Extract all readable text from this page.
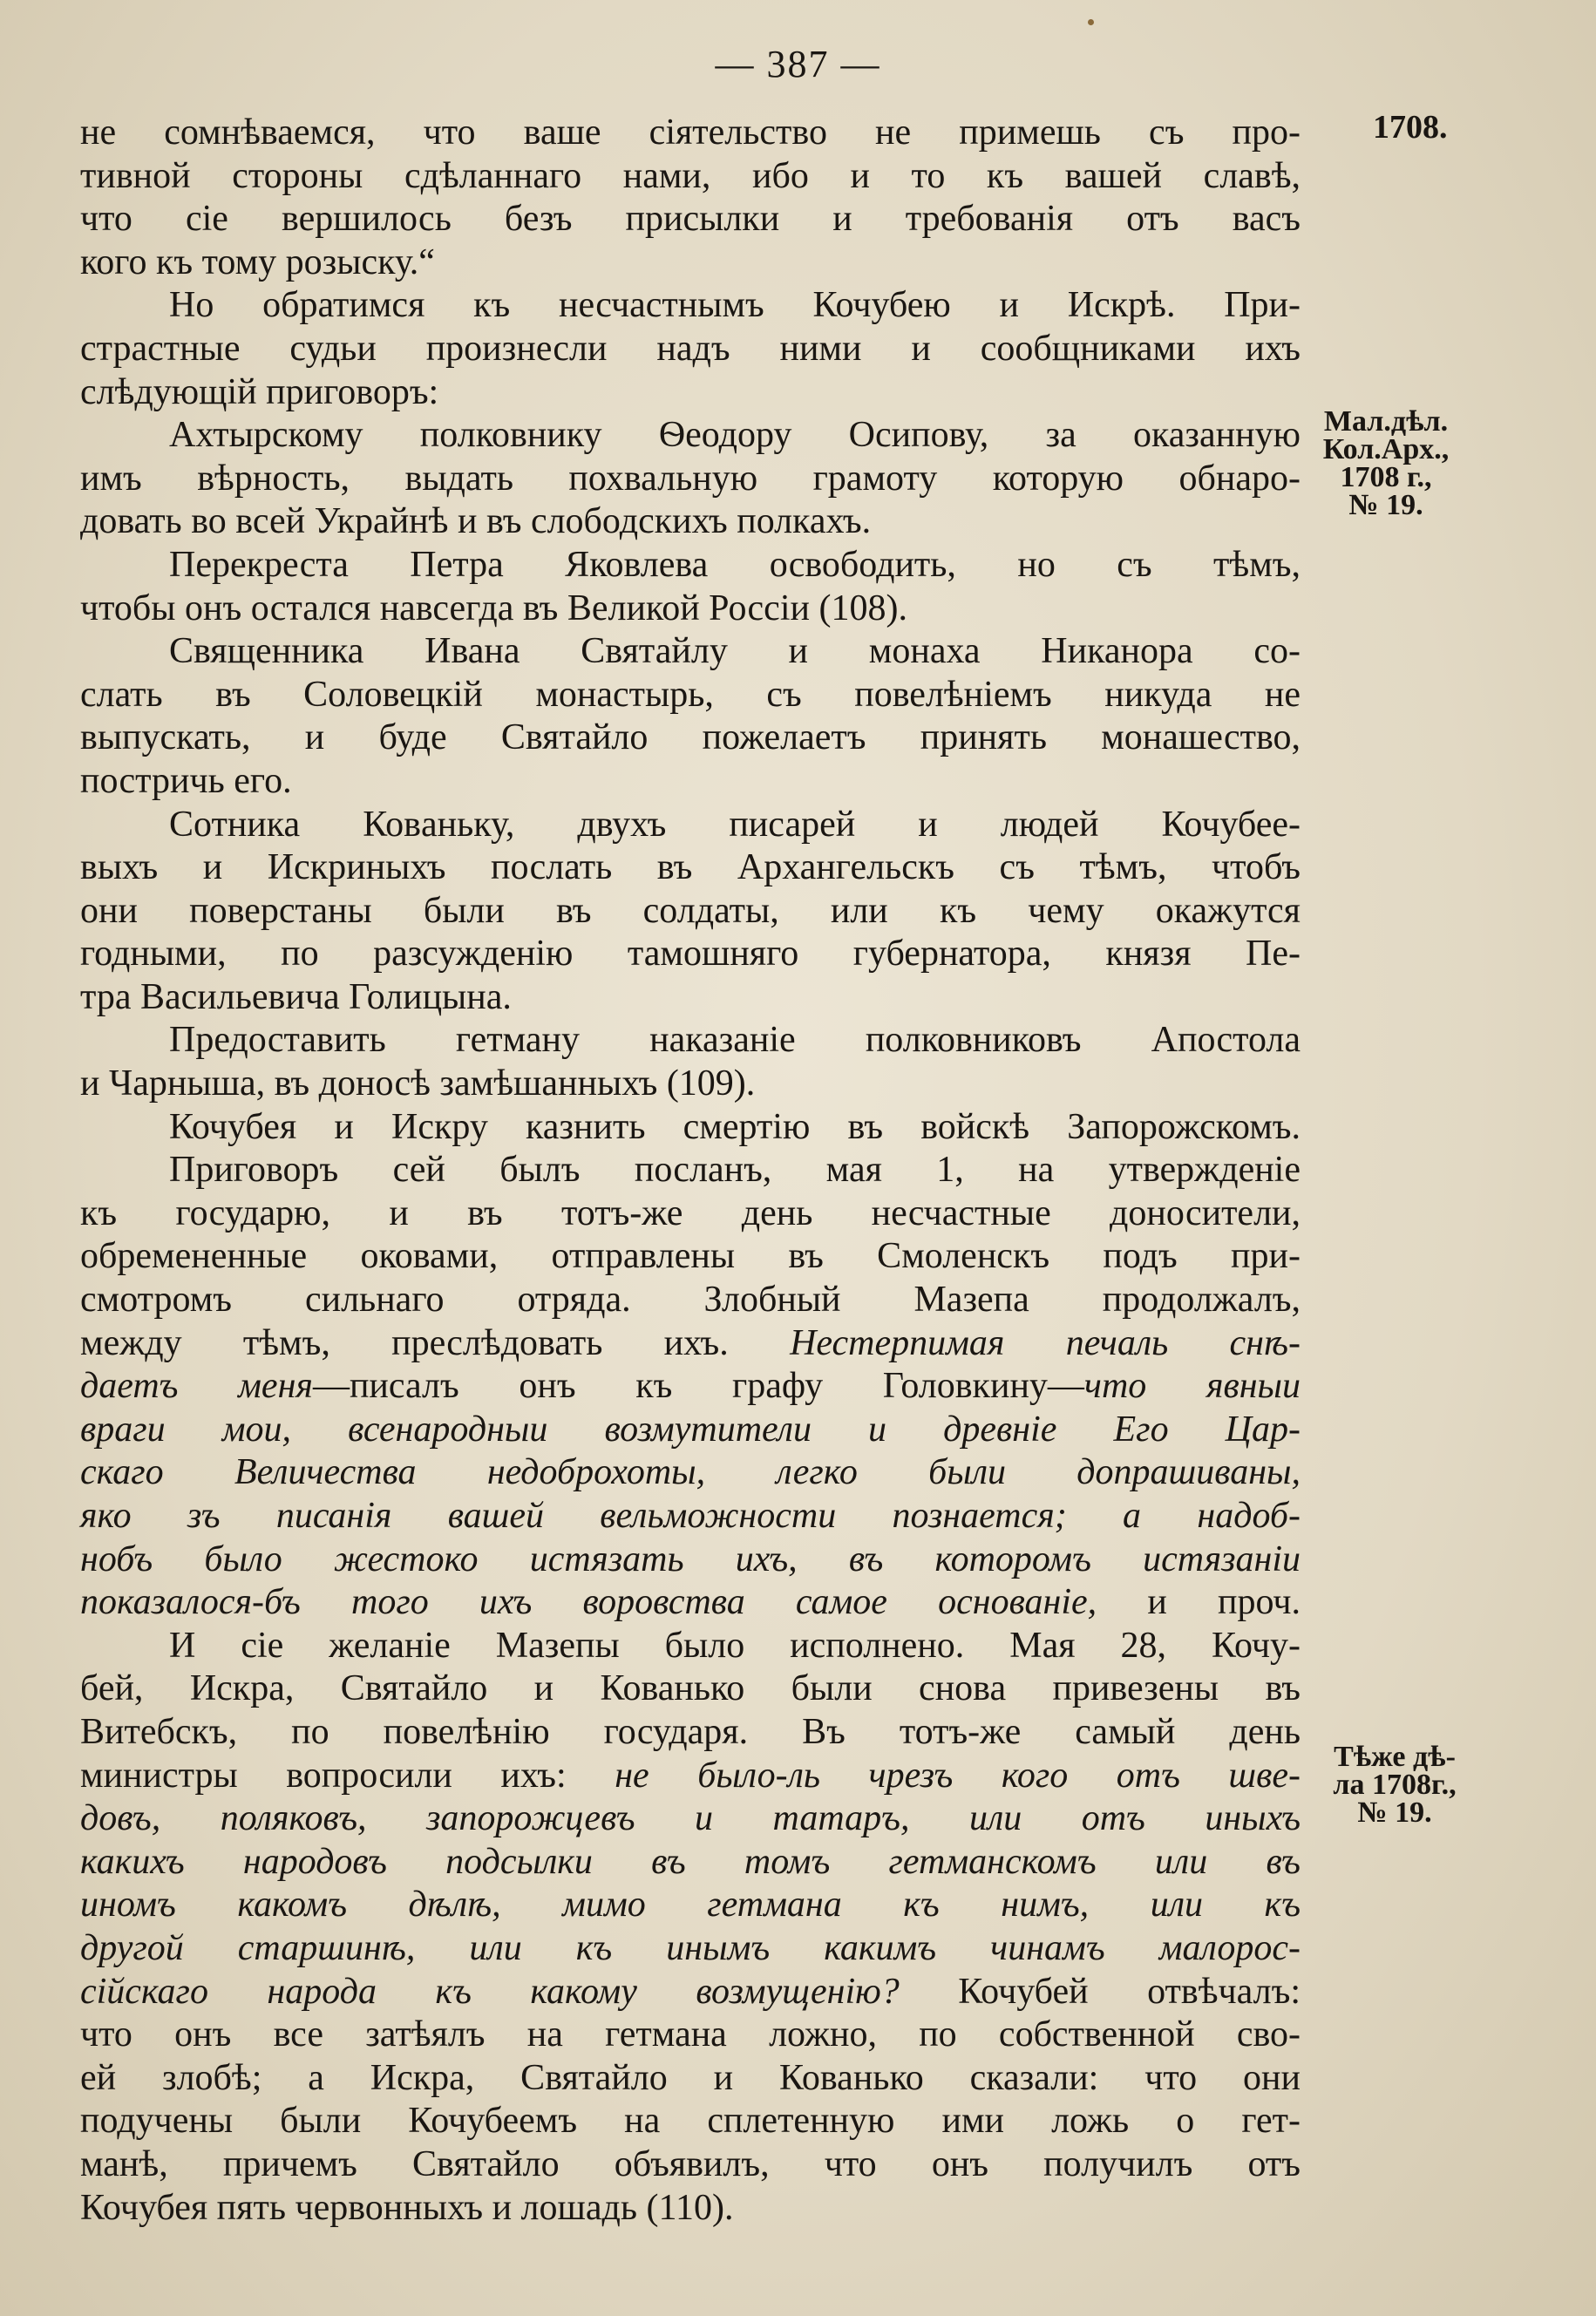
— 387 —
1708.
Мал.дѣл.
Кол.Арх.,
1708 г.,
№ 19.
Тѣже дѣ-
ла 1708г.,
№ 19.
не сомнѣваемся, что ваше сіятельство не примешь съ про-
тивной стороны сдѣланнаго нами, ибо и то къ вашей славѣ,
что сіе вершилось безъ присылки и требованія отъ васъ
кого къ тому розыску.“
Но обратимся къ несчастнымъ Кочубею и Искрѣ. При-
страстные судьи произнесли надъ ними и сообщниками ихъ
слѣдующій приговоръ:
Ахтырскому полковнику Ѳеодору Осипову, за оказанную
имъ вѣрность, выдать похвальную грамоту которую обнаро-
довать во всей Украйнѣ и въ слободскихъ полкахъ.
Перекреста Петра Яковлева освободить, но съ тѣмъ,
чтобы онъ остался навсегда въ Великой Россіи (108).
Священника Ивана Святайлу и монаха Никанора со-
слать въ Соловецкій монастырь, съ повелѣніемъ никуда не
выпускать, и буде Святайло пожелаетъ принять монашество,
постричь его.
Сотника Ковaньку, двухъ писарей и людей Кочубее-
выхъ и Искриныхъ послать въ Архангельскъ съ тѣмъ, чтобъ
они поверстаны были въ солдаты, или къ чему окажутся
годными, по разсужденію тамошняго губернатора, князя Пе-
тра Васильевича Голицына.
Предоставить гетману наказаніе полковниковъ Апостола
и Чарныша, въ доносѣ замѣшанныхъ (109).
Кочубея и Искру казнить смертію въ войскѣ Запорожскомъ.
Приговоръ сей былъ посланъ, мая 1, на утвержденіе
къ государю, и въ тотъ-же день несчастные доносители,
обремененные оковами, отправлены въ Смоленскъ подъ при-
смотромъ сильнаго отряда. Злобный Мазепа продолжалъ,
между тѣмъ, преслѣдовать ихъ. Нестерпимая печаль снѣ-
даетъ меня—писалъ онъ къ графу Головкину—что явныи
враги мои, всенародныи возмутители и древніе Его Цар-
скаго Величества недоброхоты, легко были допрашиваны,
яко зъ писанія вашей вельможности познается; а надоб-
нобъ было жестоко истязать ихъ, въ которомъ истязаніи
показалося-бъ того ихъ воровства самое основаніе, и проч.
И сіе желаніе Мазепы было исполнено. Мая 28, Кочу-
бей, Искра, Святайло и Кованько были снова привезены въ
Витебскъ, по повелѣнію государя. Въ тотъ-же самый день
министры вопросили ихъ: не было-ль чрезъ кого отъ шве-
довъ, поляковъ, запорожцевъ и татаръ, или отъ иныхъ
какихъ народовъ подсылки въ томъ гетманскомъ или въ
иномъ какомъ дѣлѣ, мимо гетмана къ нимъ, или къ
другой старшинѣ, или къ инымъ какимъ чинамъ малорос-
сійскаго народа къ какому возмущенію? Кочубей отвѣчалъ:
что онъ все затѣялъ на гетмана ложно, по собственной сво-
ей злобѣ; а Искра, Святайло и Кованько сказали: что они
подучены были Кочубеемъ на сплетенную ими ложь о гет-
манѣ, причемъ Святайло объявилъ, что онъ получилъ отъ
Кочубея пять червонныхъ и лошадь (110).
